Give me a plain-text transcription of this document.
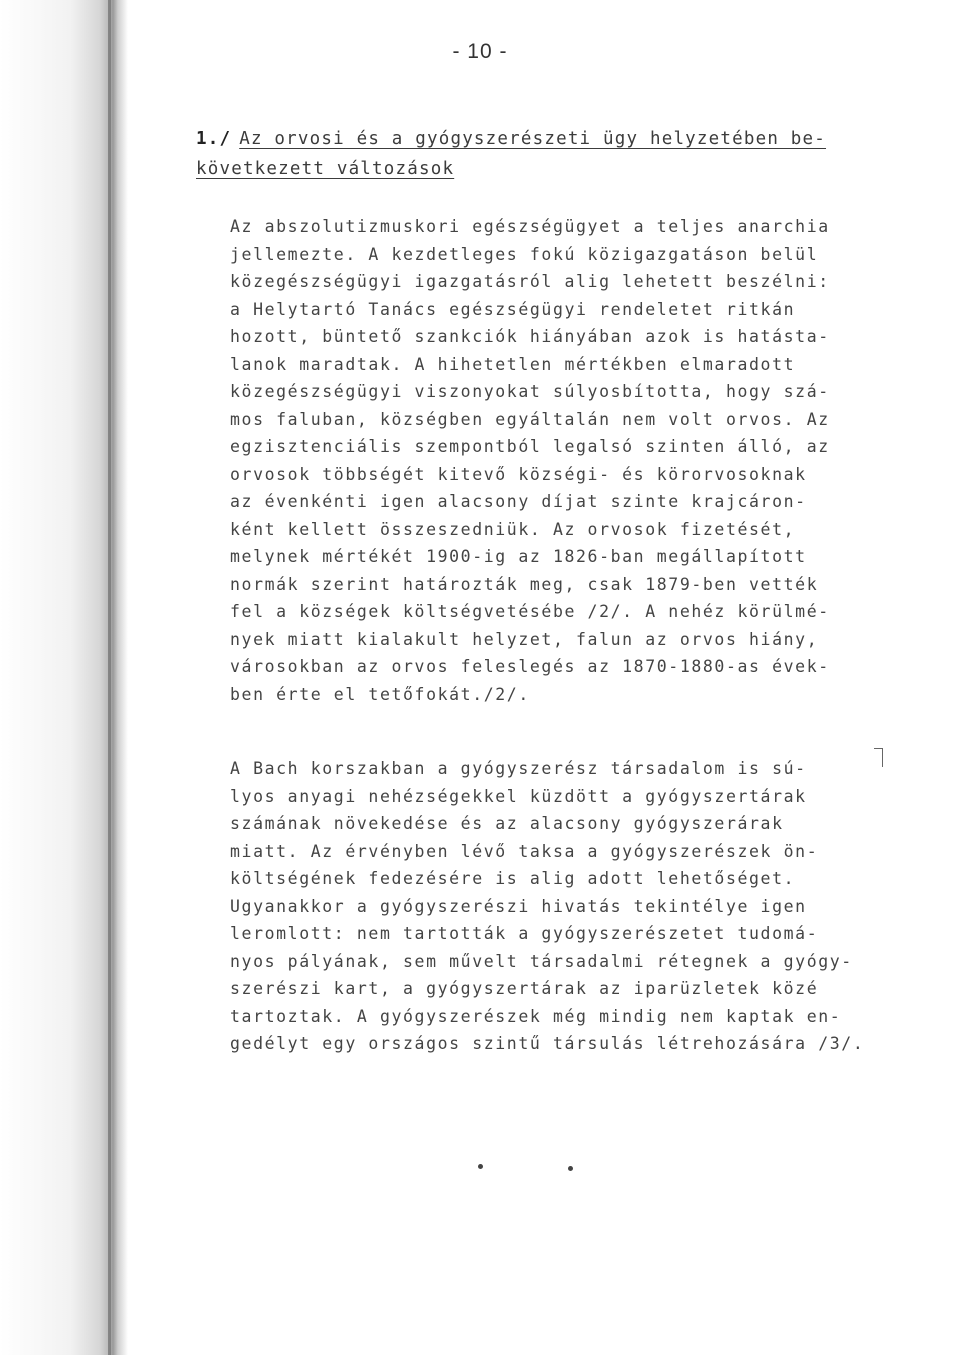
- 10 -
1./ Az orvosi és a gyógyszerészeti ügy helyzetében be- következett változások
Az abszolutizmuskori egészségügyet a teljes anarchia
jellemezte. A kezdetleges fokú közigazgatáson belül
közegészségügyi igazgatásról alig lehetett beszélni:
a Helytartó Tanács egészségügyi rendeletet ritkán
hozott, büntető szankciók hiányában azok is hatásta-
lanok maradtak. A hihetetlen mértékben elmaradott
közegészségügyi viszonyokat súlyosbította, hogy szá-
mos faluban, községben egyáltalán nem volt orvos. Az
egzisztenciális szempontból legalsó szinten álló, az
orvosok többségét kitevő községi- és körorvosoknak
az évenkénti igen alacsony díjat szinte krajcáron-
ként kellett összeszedniük. Az orvosok fizetését,
melynek mértékét 1900-ig az 1826-ban megállapított
normák szerint határozták meg, csak 1879-ben vették
fel a községek költségvetésébe /2/. A nehéz körülmé-
nyek miatt kialakult helyzet, falun az orvos hiány,
városokban az orvos feleslegés az 1870-1880-as évek-
ben érte el tetőfokát./2/.
A Bach korszakban a gyógyszerész társadalom is sú-
lyos anyagi nehézségekkel küzdött a gyógyszertárak
számának növekedése és az alacsony gyógyszerárak
miatt. Az érvényben lévő taksa a gyógyszerészek ön-
költségének fedezésére is alig adott lehetőséget.
Ugyanakkor a gyógyszerészi hivatás tekintélye igen
leromlott: nem tartották a gyógyszerészetet tudomá-
nyos pályának, sem művelt társadalmi rétegnek a gyógy-
szerészi kart, a gyógyszertárak az iparüzletek közé
tartoztak. A gyógyszerészek még mindig nem kaptak en-
gedélyt egy országos szintű társulás létrehozására /3/.
